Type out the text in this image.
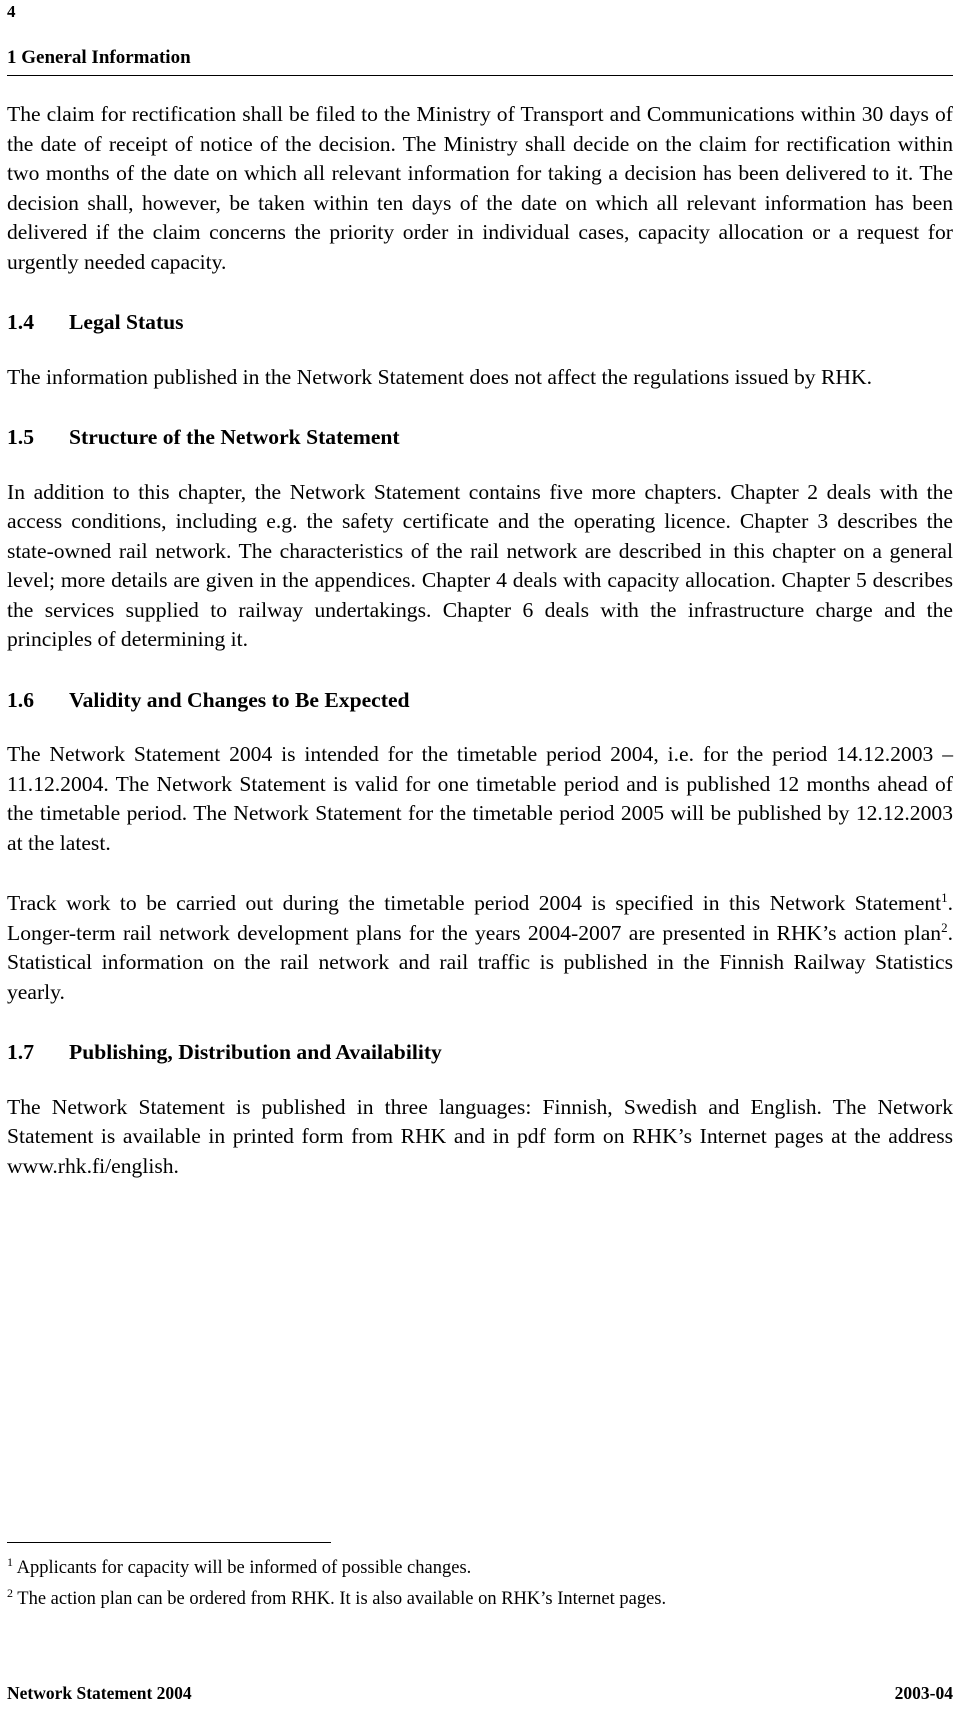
4
1 General Information

The claim for rectification shall be filed to the Ministry of Transport and Communications within 30 days of the date of receipt of notice of the decision. The Ministry shall decide on the claim for rectification within two months of the date on which all relevant information for taking a decision has been delivered to it. The decision shall, however, be taken within ten days of the date on which all relevant information has been delivered if the claim concerns the priority order in individual cases, capacity allocation or a request for urgently needed capacity.

1.4 Legal Status

The information published in the Network Statement does not affect the regulations issued by RHK.

1.5 Structure of the Network Statement

In addition to this chapter, the Network Statement contains five more chapters. Chapter 2 deals with the access conditions, including e.g. the safety certificate and the operating licence. Chapter 3 describes the state-owned rail network. The characteristics of the rail network are described in this chapter on a general level; more details are given in the appendices. Chapter 4 deals with capacity allocation. Chapter 5 describes the services supplied to railway undertakings. Chapter 6 deals with the infrastructure charge and the principles of determining it.

1.6 Validity and Changes to Be Expected

The Network Statement 2004 is intended for the timetable period 2004, i.e. for the period 14.12.2003 – 11.12.2004. The Network Statement is valid for one timetable period and is published 12 months ahead of the timetable period. The Network Statement for the timetable period 2005 will be published by 12.12.2003 at the latest.

Track work to be carried out during the timetable period 2004 is specified in this Network Statement$^1$. Longer-term rail network development plans for the years 2004-2007 are presented in RHK’s action plan$^2$. Statistical information on the rail network and rail traffic is published in the Finnish Railway Statistics yearly.

1.7 Publishing, Distribution and Availability

The Network Statement is published in three languages: Finnish, Swedish and English. The Network Statement is available in printed form from RHK and in pdf form on RHK’s Internet pages at the address www.rhk.fi/english.

$^1$ Applicants for capacity will be informed of possible changes.
$^2$ The action plan can be ordered from RHK. It is also available on RHK’s Internet pages.
Network Statement 2004	2003-04
